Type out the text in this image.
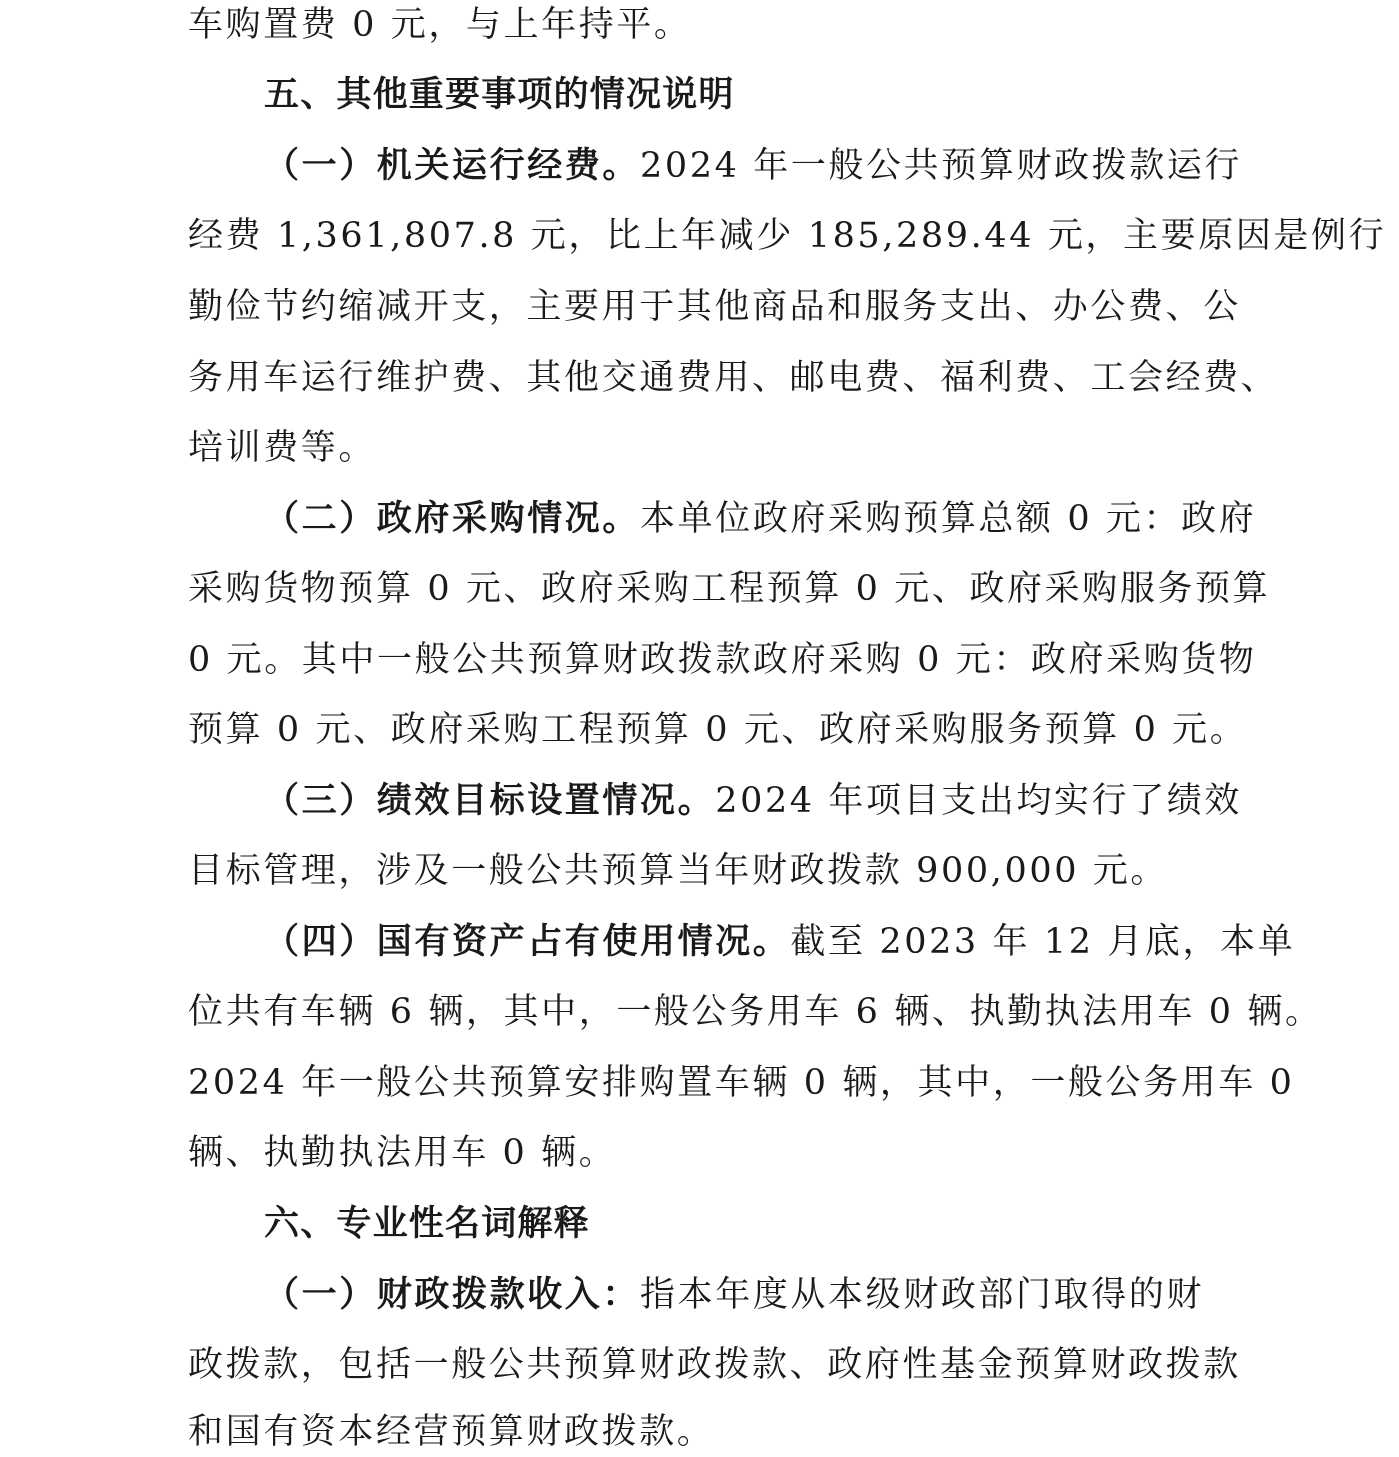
车购置费 0 元，与上年持平。
五、其他重要事项的情况说明
（一）机关运行经费。2024 年一般公共预算财政拨款运行
经费 1,361,807.8 元，比上年减少 185,289.44 元，主要原因是例行
勤俭节约缩减开支，主要用于其他商品和服务支出、办公费、公
务用车运行维护费、其他交通费用、邮电费、福利费、工会经费、
培训费等。
（二）政府采购情况。本单位政府采购预算总额 0 元：政府
采购货物预算 0 元、政府采购工程预算 0 元、政府采购服务预算
0 元。其中一般公共预算财政拨款政府采购 0 元：政府采购货物
预算 0 元、政府采购工程预算 0 元、政府采购服务预算 0 元。
（三）绩效目标设置情况。2024 年项目支出均实行了绩效
目标管理，涉及一般公共预算当年财政拨款 900,000 元。
（四）国有资产占有使用情况。截至 2023 年 12 月底，本单
位共有车辆 6 辆，其中，一般公务用车 6 辆、执勤执法用车 0 辆。
2024 年一般公共预算安排购置车辆 0 辆，其中，一般公务用车 0
辆、执勤执法用车 0 辆。
六、专业性名词解释
（一）财政拨款收入：指本年度从本级财政部门取得的财
政拨款，包括一般公共预算财政拨款、政府性基金预算财政拨款
和国有资本经营预算财政拨款。
